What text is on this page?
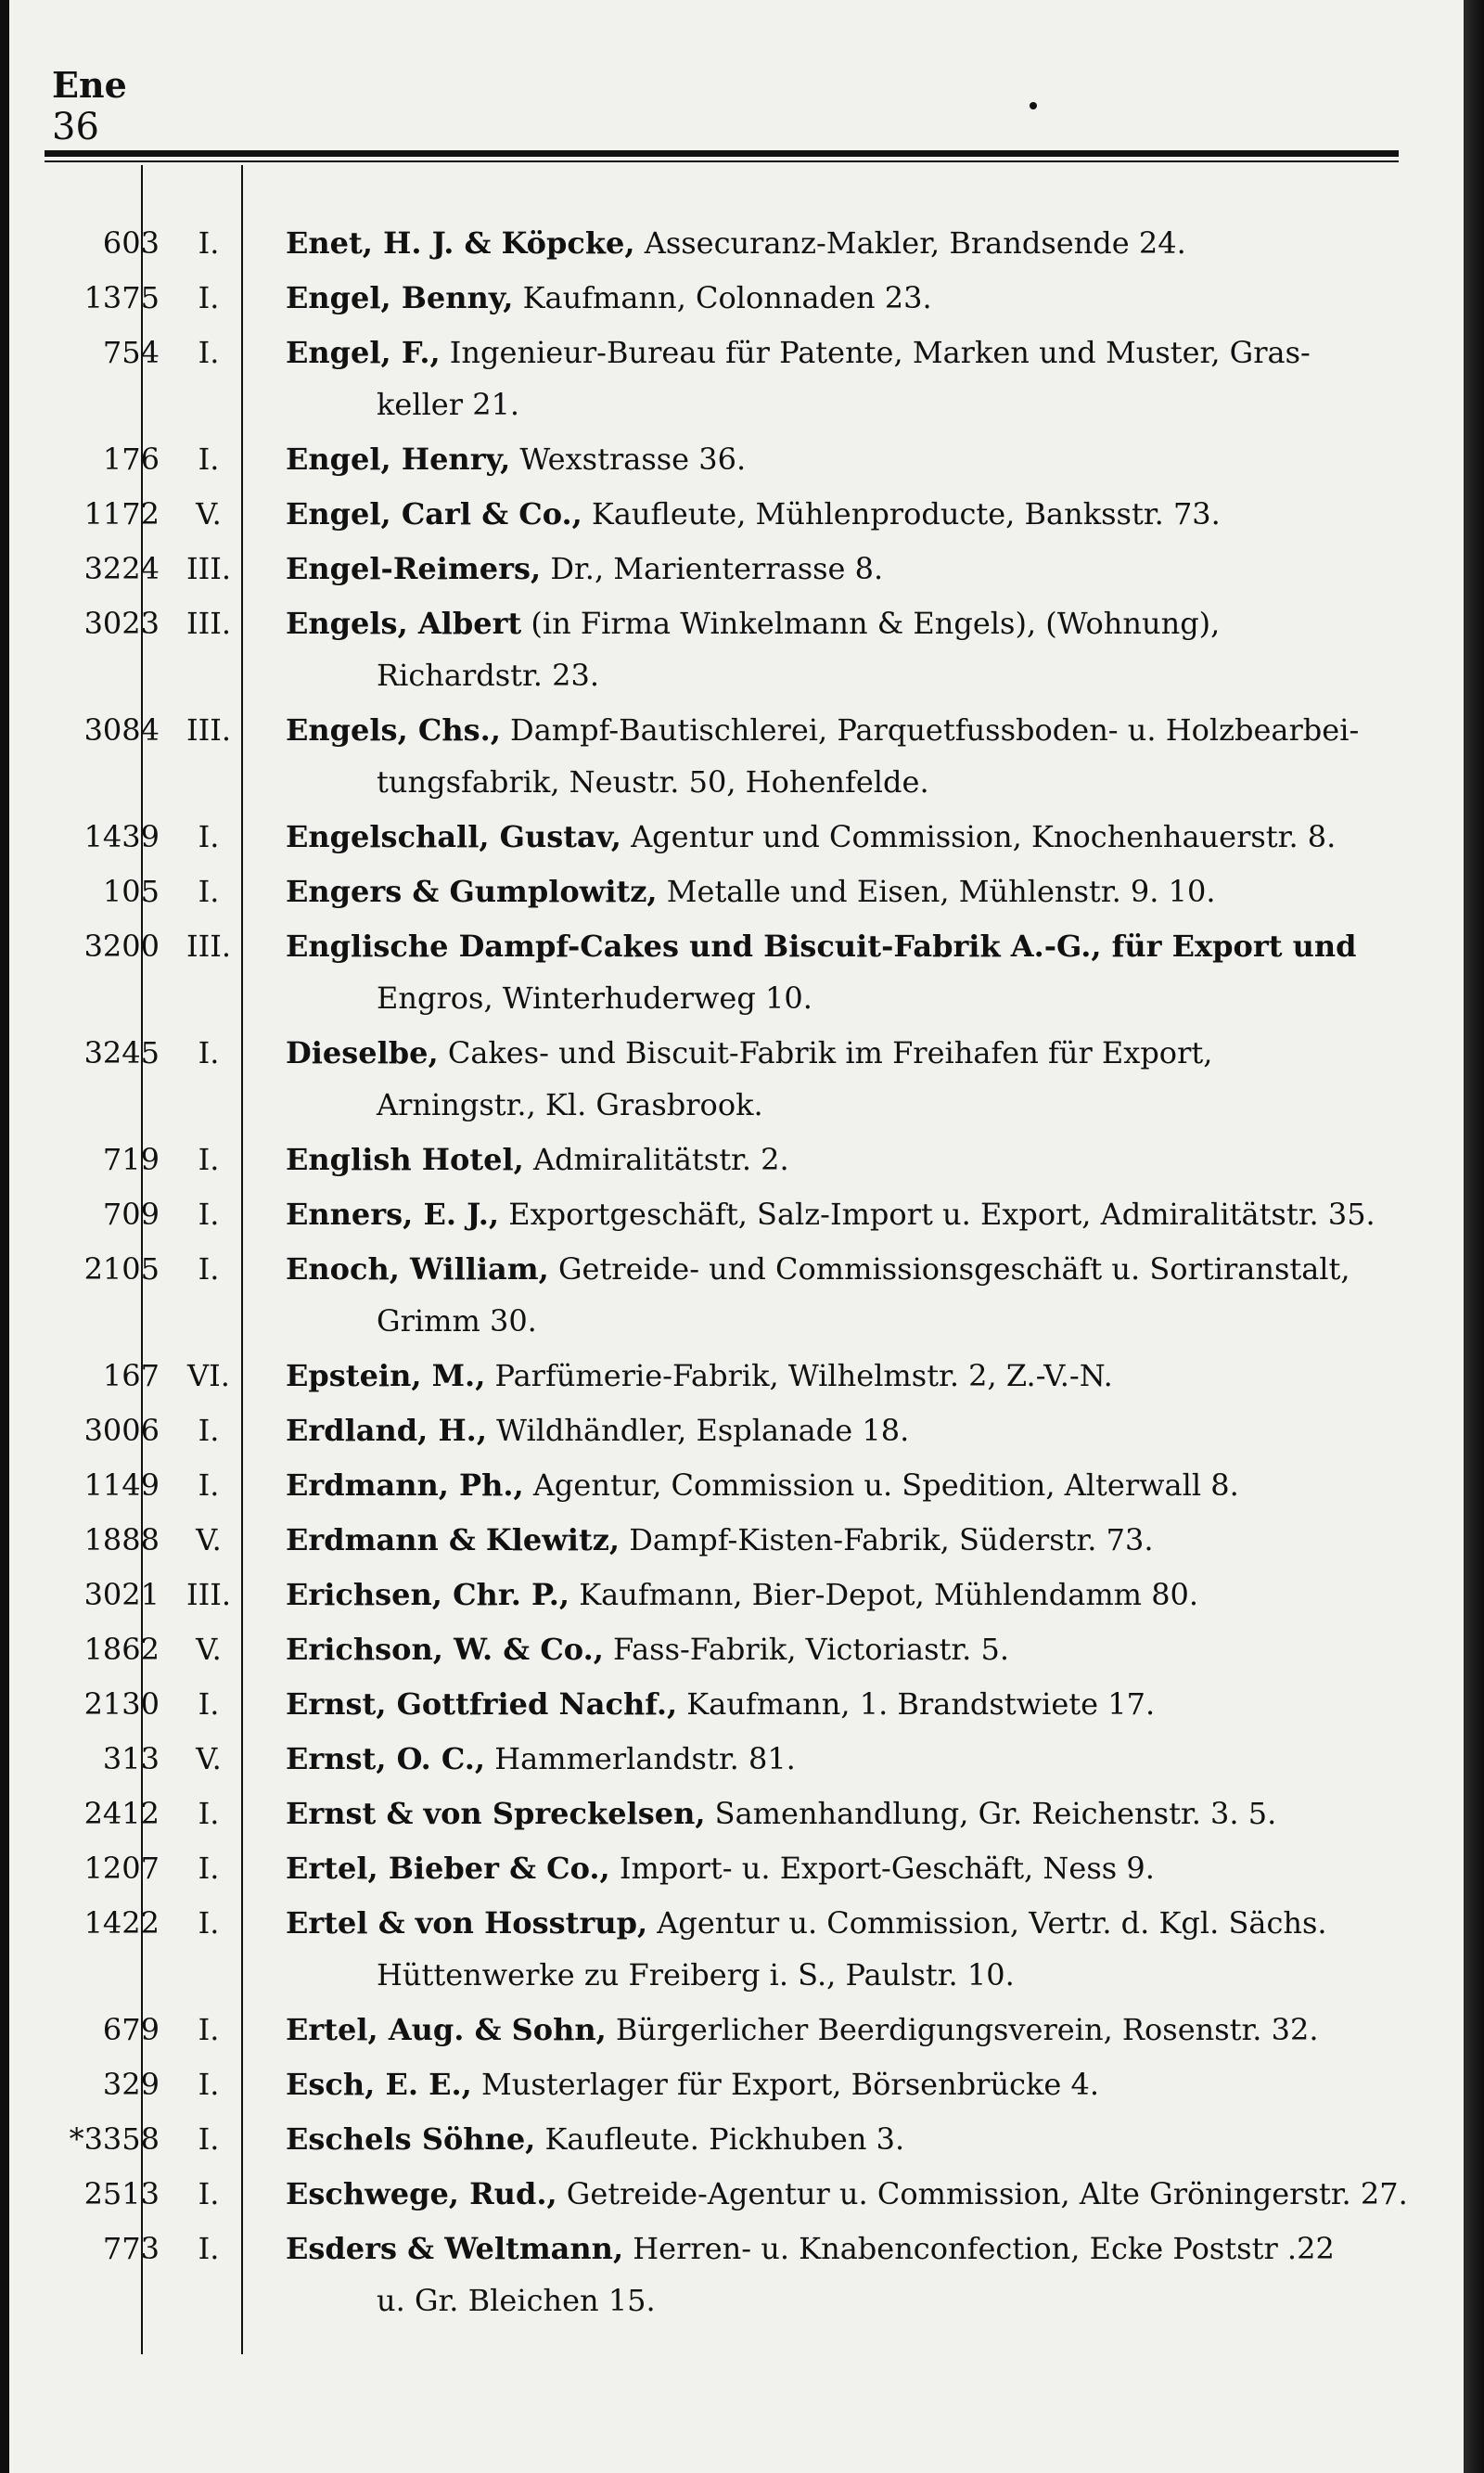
Ene
36
603	I.	Enet, H. J. & Köpcke, Assecuranz-Makler, Brandsende 24.
1375	I.	Engel, Benny, Kaufmann, Colonnaden 23.
754	I.	Engel, F., Ingenieur-Bureau für Patente, Marken und Muster, Gras-
keller 21.
176	I.	Engel, Henry, Wexstrasse 36.
1172	V.	Engel, Carl & Co., Kaufleute, Mühlenproducte, Banksstr. 73.
3224 III.	Engel-Reimers, Dr., Marienterrasse 8.
3023 III.	Engels, Albert (in Firma Winkelmann & Engels), (Wohnung),
Richardstr. 23.
3084 III.	Engels, Chs., Dampf-Bautischlerei, Parquetfussboden- u. Holzbearbei-
tungsfabrik, Neustr. 50, Hohenfelde.
1439	I.	Engelschall, Gustav, Agentur und Commission, Knochenhauerstr. 8.
105	I.	Engers & Gumplowitz, Metalle und Eisen, Mühlenstr. 9. 10.
3200 III.	Englische Dampf-Cakes und Biscuit-Fabrik A.-G., für Export und
Engros, Winterhuderweg 10.
3245	I.	Dieselbe, Cakes- und Biscuit-Fabrik im Freihafen für Export,
Arningstr., Kl. Grasbrook.
719	I.	English Hotel, Admiralitätstr. 2.
709	I.	Enners, E. J., Exportgeschäft, Salz-Import u. Export, Admiralitätstr. 35.
2105	I.	Enoch, William, Getreide- und Commissionsgeschäft u. Sortiranstalt,
Grimm 30.
167 VI.	Epstein, M., Parfümerie-Fabrik, Wilhelmstr. 2, Z.-V.-N.
3006	I.	Erdland, H., Wildhändler, Esplanade 18.
1149	I.	Erdmann, Ph., Agentur, Commission u. Spedition, Alterwall 8.
1888	V.	Erdmann & Klewitz, Dampf-Kisten-Fabrik, Süderstr. 73.
3021 III.	Erichsen, Chr. P., Kaufmann, Bier-Depot, Mühlendamm 80.
1862	V.	Erichson, W. & Co., Fass-Fabrik, Victoriastr. 5.
2130	I.	Ernst, Gottfried Nachf., Kaufmann, 1. Brandstwiete 17.
313	V.	Ernst, O. C., Hammerlandstr. 81.
2412	I.	Ernst & von Spreckelsen, Samenhandlung, Gr. Reichenstr. 3. 5.
1207	I.	Ertel, Bieber & Co., Import- u. Export-Geschäft, Ness 9.
1422	I.	Ertel & von Hosstrup, Agentur u. Commission, Vertr. d. Kgl. Sächs.
Hüttenwerke zu Freiberg i. S., Paulstr. 10.
679	I.	Ertel, Aug. & Sohn, Bürgerlicher Beerdigungsverein, Rosenstr. 32.
329	I.	Esch, E. E., Musterlager für Export, Börsenbrücke 4.
*3358	I.	Eschels Söhne, Kaufleute. Pickhuben 3.
2513	I.	Eschwege, Rud., Getreide-Agentur u. Commission, Alte Gröningerstr. 27.
773	I.	Esders & Weltmann, Herren- u. Knabenconfection, Ecke Poststr .22
u. Gr. Bleichen 15.
